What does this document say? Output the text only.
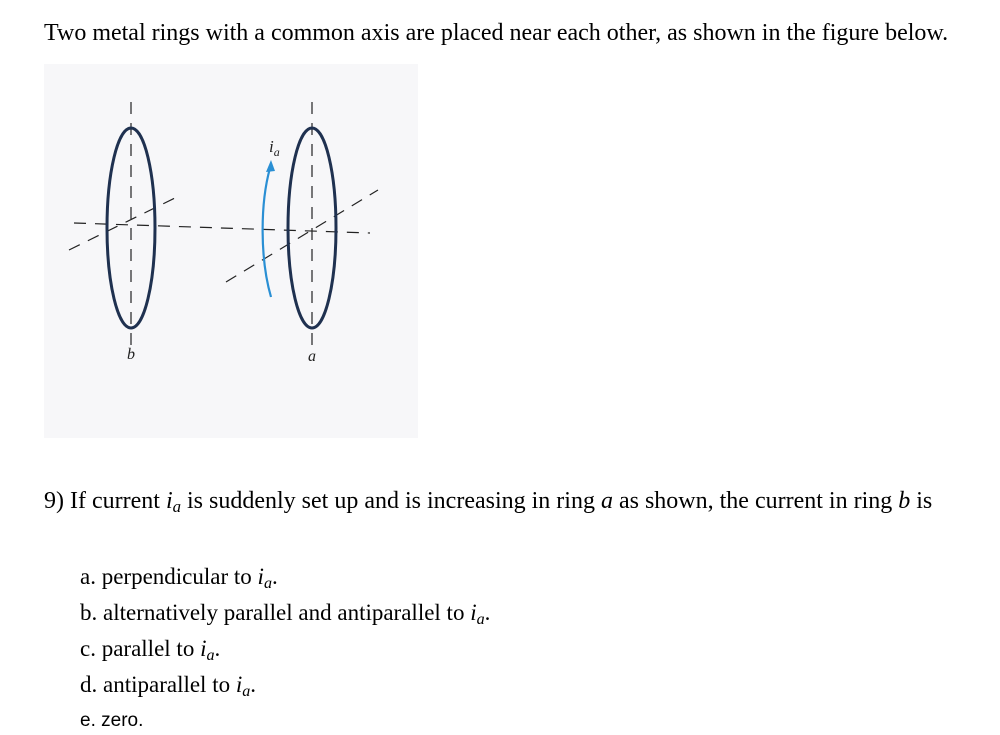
Two metal rings with a common axis are placed near each other, as shown in the figure below.
$i_a$
b	a
9) If current $i_a$ is suddenly set up and is increasing in ring a as shown, the current in ring b is
a. perpendicular to $i_a$.
b. alternatively parallel and antiparallel to $i_a$.
c. parallel to $i_a$.
d. antiparallel to $i_a$.
e. zero.
